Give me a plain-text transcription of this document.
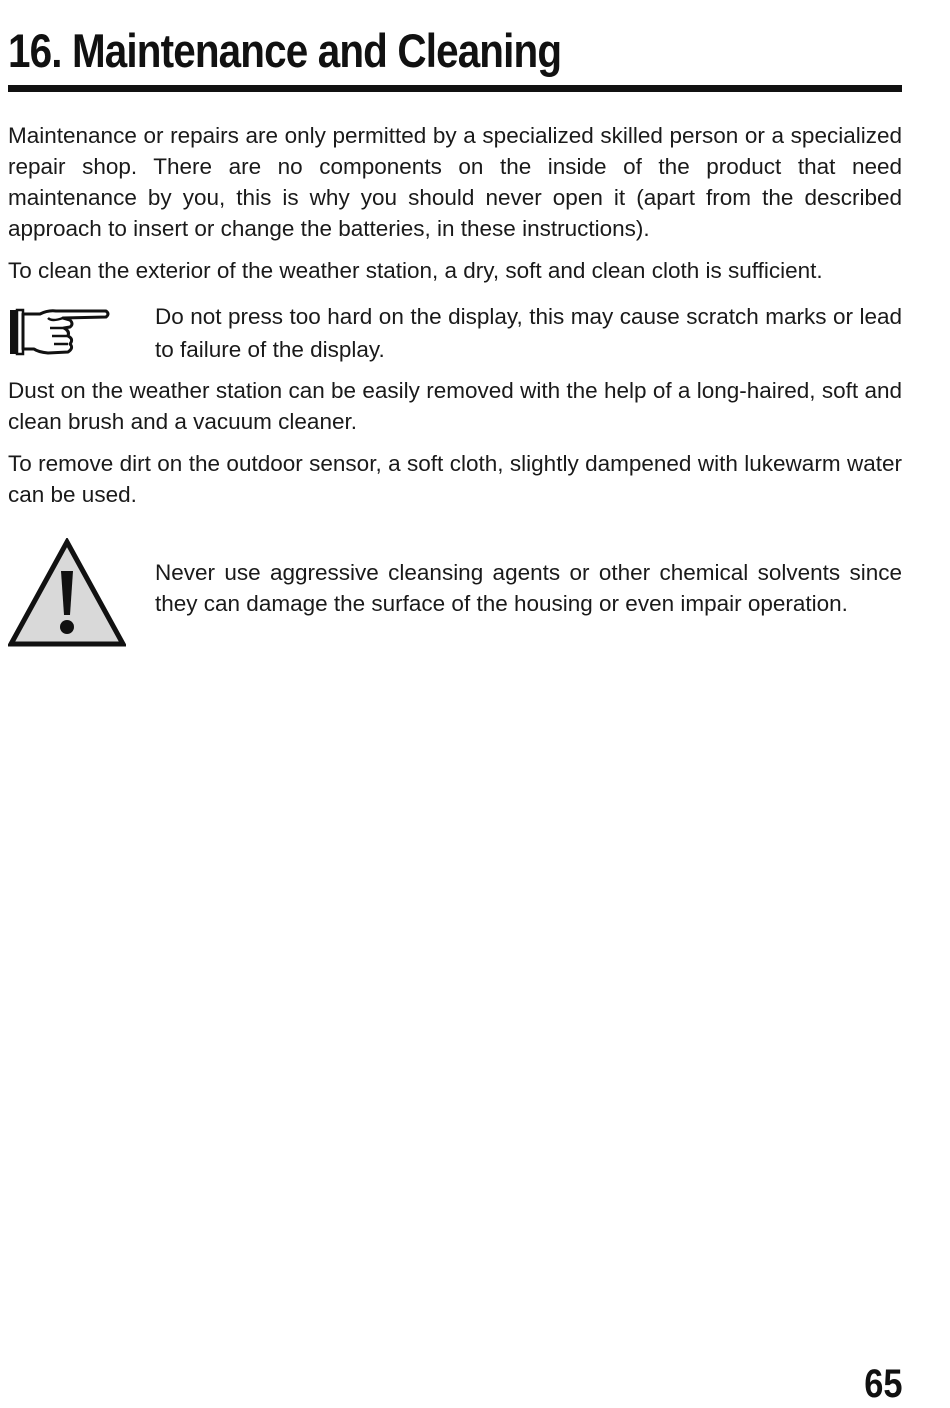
16. Maintenance and Cleaning

Maintenance or repairs are only permitted by a specialized skilled person or a specialized repair shop. There are no components on the inside of the product that need maintenance by you, this is why you should never open it (apart from the described approach to insert or change the batteries, in these instructions).

To clean the exterior of the weather station, a dry, soft and clean cloth is sufficient.

Do not press too hard on the display, this may cause scratch marks or lead to failure of the display.

Dust on the weather station can be easily removed with the help of a long-haired, soft and clean brush and a vacuum cleaner.

To remove dirt on the outdoor sensor, a soft cloth, slightly dampened with lukewarm water can be used.

Never use aggressive cleansing agents or other chemical solvents since they can damage the surface of the housing or even impair operation.

65
